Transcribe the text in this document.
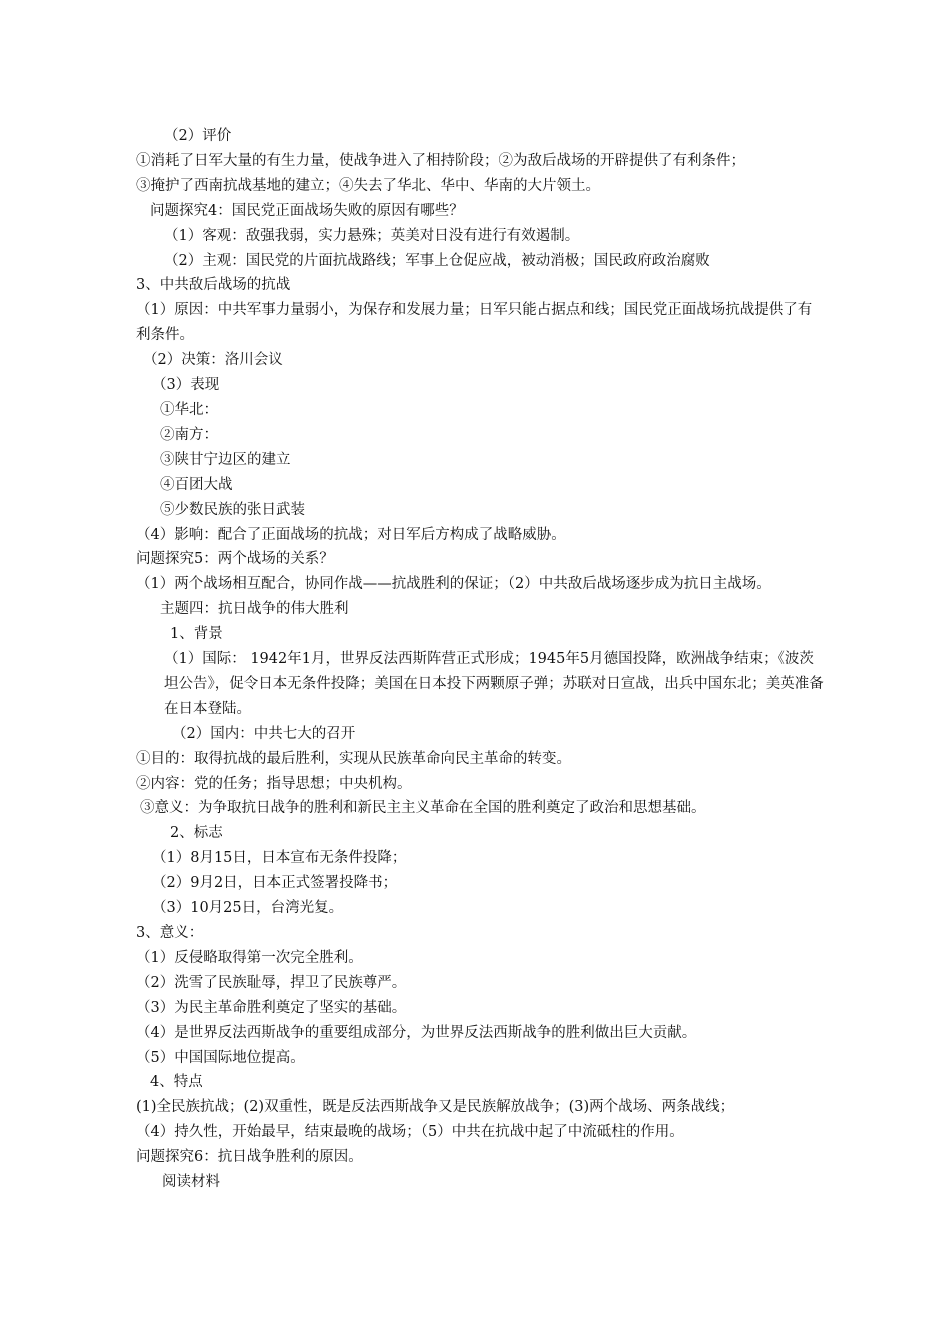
（2）评价
①消耗了日军大量的有生力量，使战争进入了相持阶段；②为敌后战场的开辟提供了有利条件；
③掩护了西南抗战基地的建立；④失去了华北、华中、华南的大片领土。
问题探究4：国民党正面战场失败的原因有哪些？
（1）客观：敌强我弱，实力悬殊；英美对日没有进行有效遏制。
（2）主观：国民党的片面抗战路线；军事上仓促应战，被动消极；国民政府政治腐败
3、中共敌后战场的抗战
（1）原因：中共军事力量弱小，为保存和发展力量；日军只能占据点和线；国民党正面战场抗战提供了有利条件。
（2）决策：洛川会议
（3）表现
①华北：
②南方：
③陕甘宁边区的建立
④百团大战
⑤少数民族的张日武装
（4）影响：配合了正面战场的抗战；对日军后方构成了战略威胁。
问题探究5：两个战场的关系？
（1）两个战场相互配合，协同作战——抗战胜利的保证；（2）中共敌后战场逐步成为抗日主战场。
主题四：抗日战争的伟大胜利
1、背景
（1）国际： 1942年1月，世界反法西斯阵营正式形成；1945年5月德国投降，欧洲战争结束；《波茨坦公告》，促令日本无条件投降；美国在日本投下两颗原子弹；苏联对日宣战，出兵中国东北；美英准备在日本登陆。
（2）国内：中共七大的召开
①目的：取得抗战的最后胜利，实现从民族革命向民主革命的转变。
②内容：党的任务；指导思想；中央机构。
③意义：为争取抗日战争的胜利和新民主主义革命在全国的胜利奠定了政治和思想基础。
2、标志
（1）8月15日，日本宣布无条件投降；
（2）9月2日，日本正式签署投降书；
（3）10月25日，台湾光复。
3、意义：
（1）反侵略取得第一次完全胜利。
（2）洗雪了民族耻辱，捍卫了民族尊严。
（3）为民主革命胜利奠定了坚实的基础。
（4）是世界反法西斯战争的重要组成部分，为世界反法西斯战争的胜利做出巨大贡献。
（5）中国国际地位提高。
4、特点
(1)全民族抗战；(2)双重性，既是反法西斯战争又是民族解放战争；(3)两个战场、两条战线；
（4）持久性，开始最早，结束最晚的战场；（5）中共在抗战中起了中流砥柱的作用。
问题探究6：抗日战争胜利的原因。
阅读材料
